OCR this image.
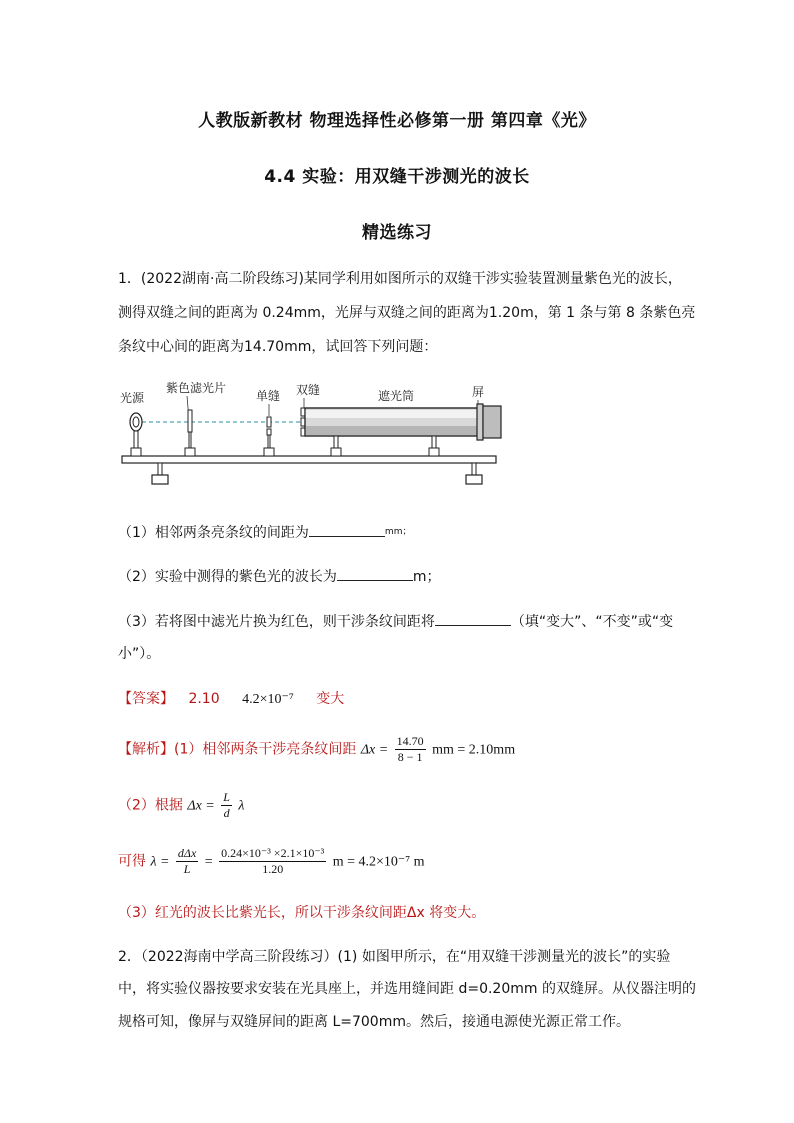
人教版新教材 物理选择性必修第一册 第四章《光》
4.4 实验：用双缝干涉测光的波长
精选练习
1．(2022湖南·高二阶段练习)某同学利用如图所示的双缝干涉实验装置测量紫色光的波长，
测得双缝之间的距离为 0.24mm，光屏与双缝之间的距离为1.20m，第 1 条与第 8 条紫色亮
条纹中心间的距离为14.70mm，试回答下列问题：
光源
紫色滤光片
单缝 双缝	遮光筒	屏
（1）相邻两条亮条纹的间距为	$^{mm;}$
（2）实验中测得的紫色光的波长为	m；
（3）若将图中滤光片换为红色，则干涉条纹间距将	（填“变大”、“不变”或“变
小”）。
【答案】 2.10 4.2×10⁻⁷ 变大
【解析】(1）相邻两条干涉亮条纹间距 $\Delta x = \frac{14.70}{8 - 1}$ mm = 2.10mm
（2）根据 $\Delta x = \frac{L}{d}$ λ
可得 $\lambda = \frac{\text{dΔx}}{L} = \frac{\text{0.24×10⁻³ ×2.1×10⁻³}}{1.20}$ m = 4.2×10⁻⁷ m
（3）红光的波长比紫光长，所以干涉条纹间距Δx 将变大。
2．（2022海南中学高三阶段练习）(1) 如图甲所示，在“用双缝干涉测量光的波长”的实验
中，将实验仪器按要求安装在光具座上，并选用缝间距 d=0.20mm 的双缝屏。从仪器注明的
规格可知，像屏与双缝屏间的距离 L=700mm。然后，接通电源使光源正常工作。
